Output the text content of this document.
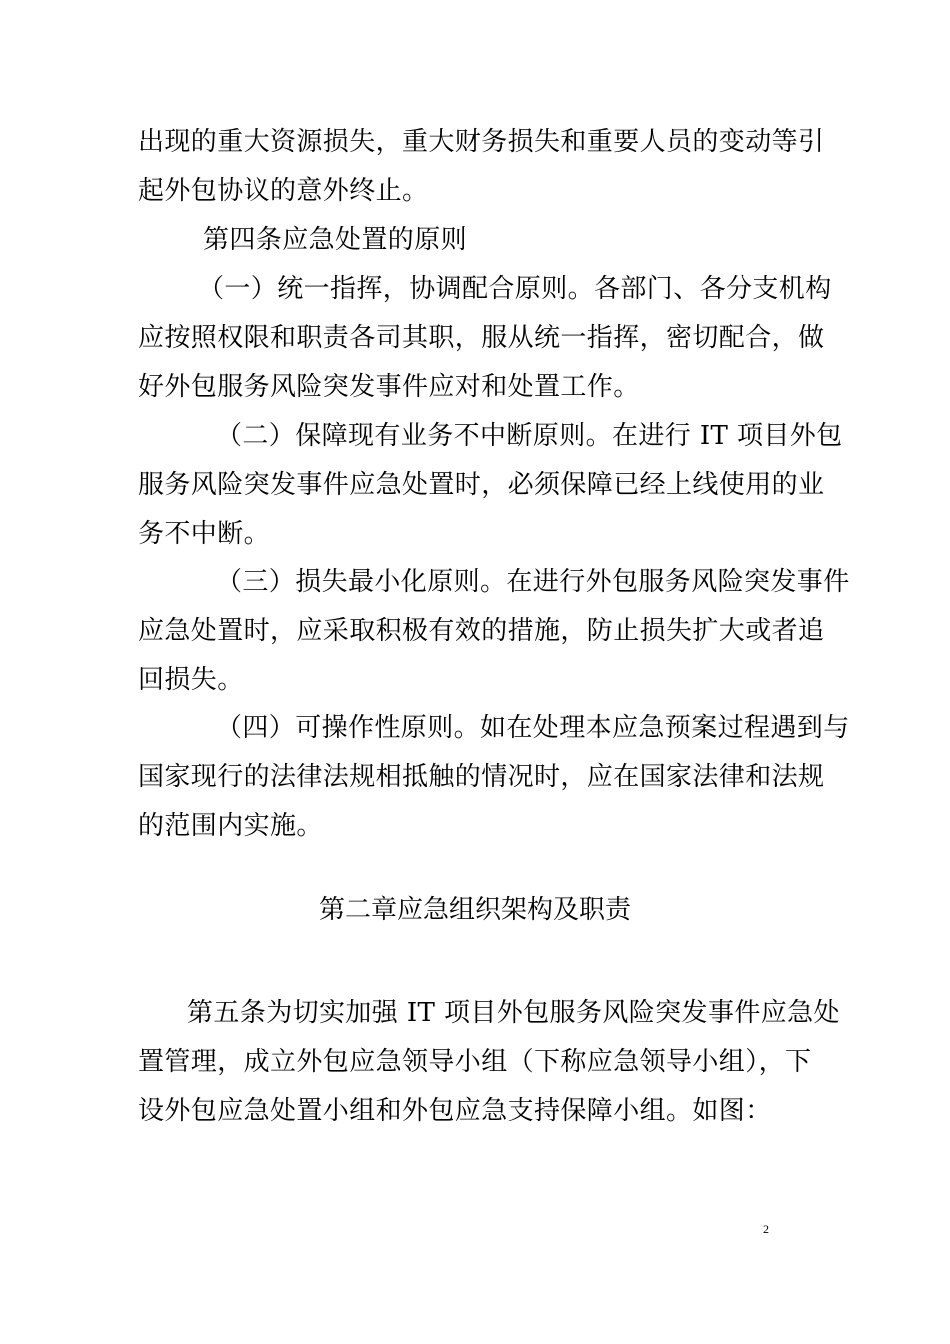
出现的重大资源损失，重大财务损失和重要人员的变动等引
起外包协议的意外终止。
第四条应急处置的原则
（一）统一指挥，协调配合原则。各部门、各分支机构
应按照权限和职责各司其职，服从统一指挥，密切配合，做
好外包服务风险突发事件应对和处置工作。
（二）保障现有业务不中断原则。在进行 IT 项目外包
服务风险突发事件应急处置时，必须保障已经上线使用的业
务不中断。
（三）损失最小化原则。在进行外包服务风险突发事件
应急处置时，应采取积极有效的措施，防止损失扩大或者追
回损失。
（四）可操作性原则。如在处理本应急预案过程遇到与
国家现行的法律法规相抵触的情况时，应在国家法律和法规
的范围内实施。
第二章应急组织架构及职责
第五条为切实加强 IT 项目外包服务风险突发事件应急处
置管理，成立外包应急领导小组（下称应急领导小组），下
设外包应急处置小组和外包应急支持保障小组。如图：
2
